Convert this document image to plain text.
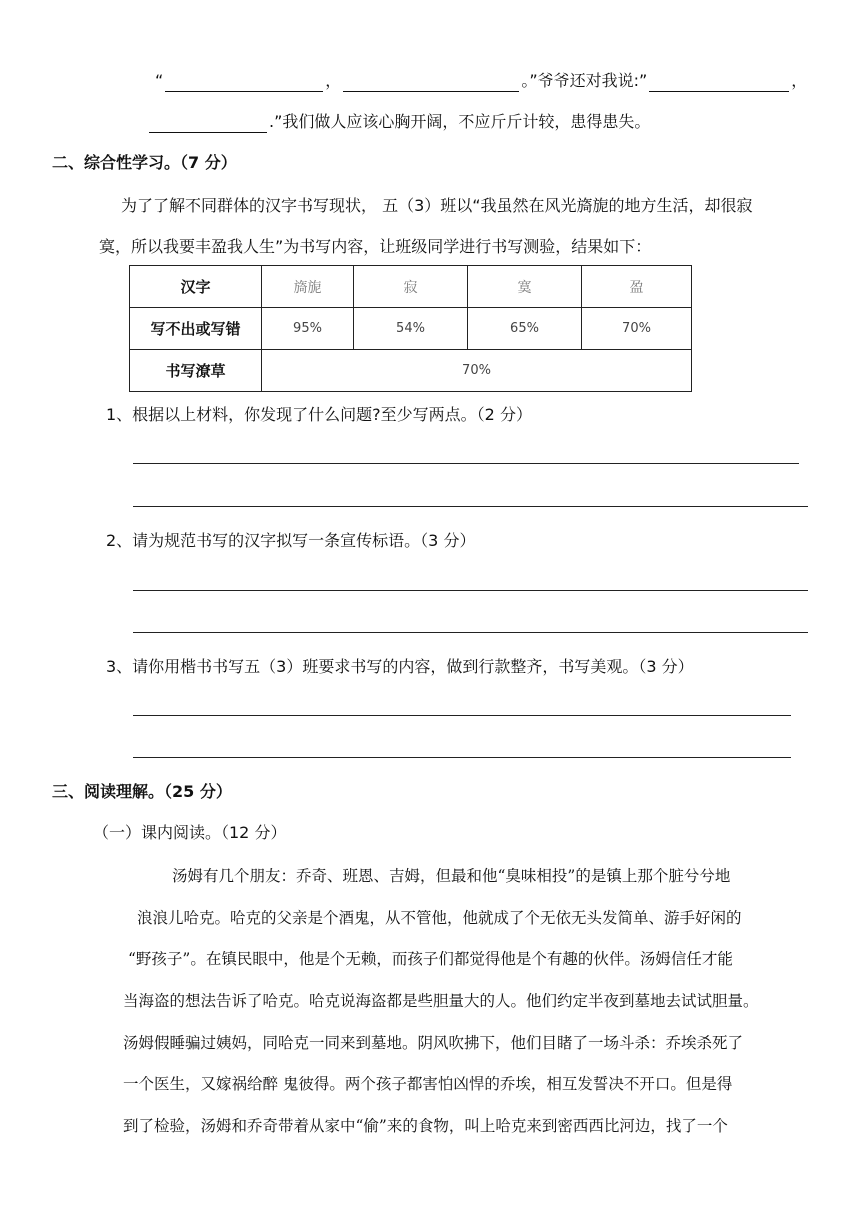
“	，	。”爷爷还对我说:”	，
.”我们做人应该心胸开阔，不应斤斤计较，患得患失。
二、综合性学习。（7 分）
为了了解不同群体的汉字书写现状， 五（3）班以“我虽然在风光旖旎的地方生活，却很寂
寞，所以我要丰盈我人生”为书写内容，让班级同学进行书写测验，结果如下：
汉字	旖旎	寂	寞	盈
写不出或写错	95%	54%	65%	70%
书写潦草	70%			
1、根据以上材料，你发现了什么问题?至少写两点。（2 分）
2、请为规范书写的汉字拟写一条宣传标语。（3 分）
3、请你用楷书书写五（3）班要求书写的内容，做到行款整齐，书写美观。（3 分）
三、阅读理解。（25 分）
（一）课内阅读。（12 分）
汤姆有几个朋友：乔奇、班恩、吉姆，但最和他“臭味相投”的是镇上那个脏兮兮地
浪浪儿哈克。哈克的父亲是个酒鬼，从不管他，他就成了个无依无头发简单、游手好闲的
“野孩子”。在镇民眼中，他是个无赖，而孩子们都觉得他是个有趣的伙伴。汤姆信任才能
当海盗的想法告诉了哈克。哈克说海盗都是些胆量大的人。他们约定半夜到墓地去试试胆量。
汤姆假睡骗过姨妈，同哈克一同来到墓地。阴风吹拂下，他们目睹了一场斗杀：乔埃杀死了
一个医生，又嫁祸给醉 鬼彼得。两个孩子都害怕凶悍的乔埃，相互发誓决不开口。但是得
到了检验，汤姆和乔奇带着从家中“偷”来的食物，叫上哈克来到密西西比河边，找了一个
